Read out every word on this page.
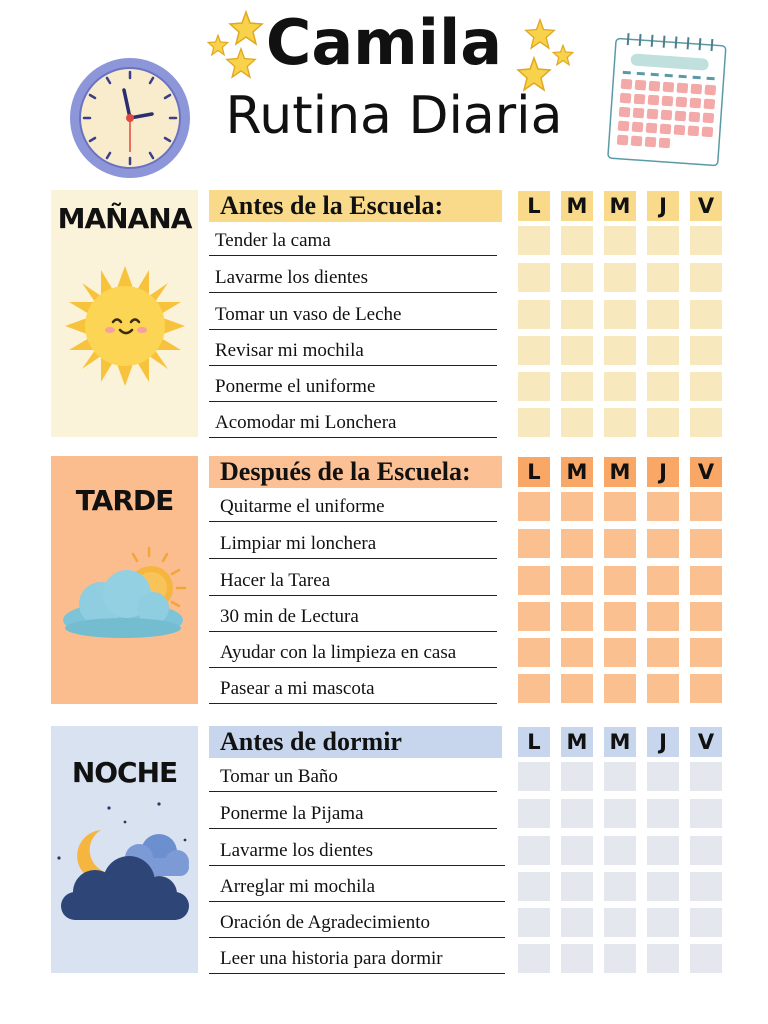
Camila
Rutina Diaria
MAÑANA	Antes de la Escuela:
TARDE
Después de la Escuela:
NOCHE
Antes de dormir
L	M M	J	V
Tender la cama
Lavarme los dientes
Tomar un vaso de Leche
Revisar mi mochila
Ponerme el uniforme
Acomodar mi Lonchera
L	M M	J	V
Quitarme el uniforme
Limpiar mi lonchera
Hacer la Tarea
30 min de Lectura
Ayudar con la limpieza en casa
Pasear a mi mascota
L	M M	J	V
Tomar un Baño
Ponerme la Pijama
Lavarme los dientes
Arreglar mi mochila
Oración de Agradecimiento
Leer una historia para dormir
